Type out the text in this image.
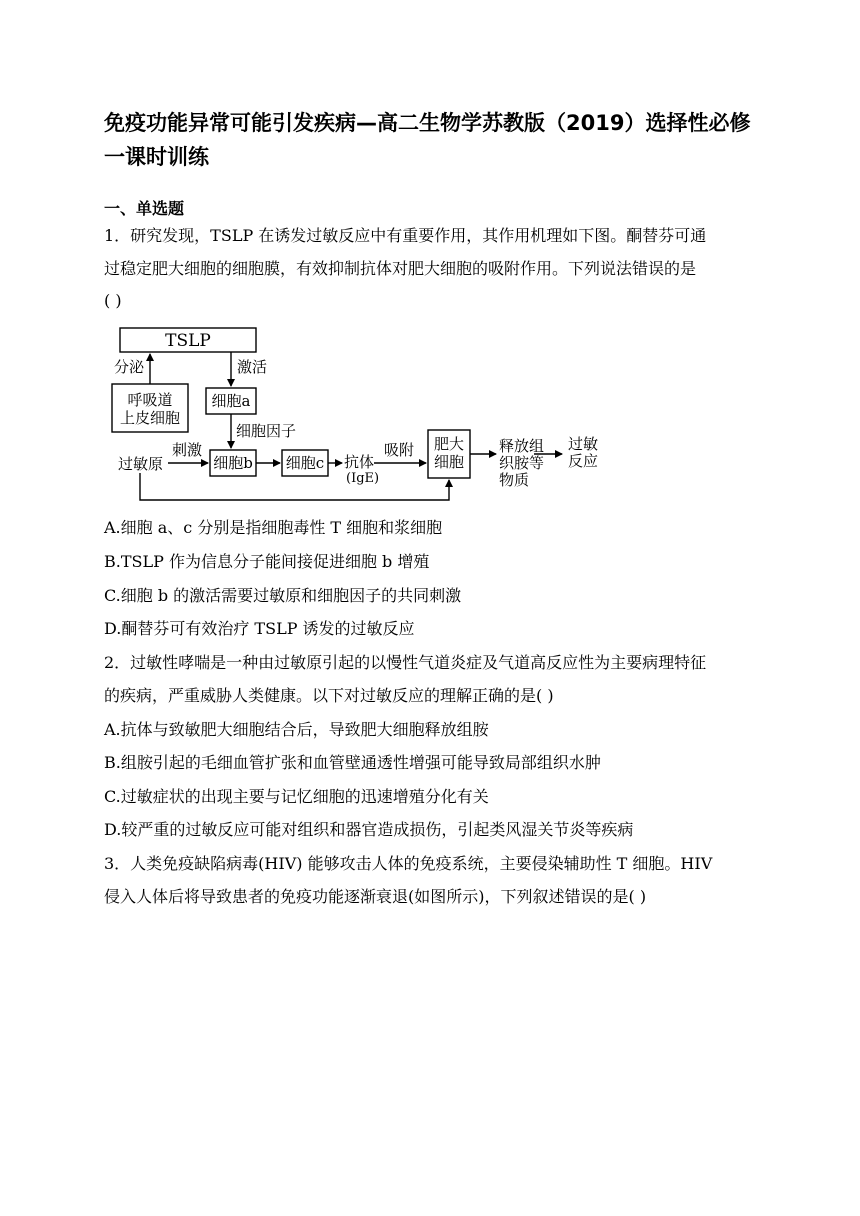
免疫功能异常可能引发疾病—高二生物学苏教版（2019）选择性必修一课时训练
一、单选题

1．研究发现，TSLP 在诱发过敏反应中有重要作用，其作用机理如下图。酮替芬可通

过稳定肥大细胞的细胞膜，有效抑制抗体对肥大细胞的吸附作用。下列说法错误的是

( )

TSLP
分泌	激活
呼吸道
上皮细胞
细胞a
细胞因子
刺激
过敏原	细胞b 细胞c 抗体
(IgE)
吸附 肥大
细胞
释放组
织胺等
物质
过敏
反应

A.细胞 a、c 分别是指细胞毒性 T 细胞和浆细胞

B.TSLP 作为信息分子能间接促进细胞 b 增殖

C.细胞 b 的激活需要过敏原和细胞因子的共同刺激

D.酮替芬可有效治疗 TSLP 诱发的过敏反应

2．过敏性哮喘是一种由过敏原引起的以慢性气道炎症及气道高反应性为主要病理特征

的疾病，严重威胁人类健康。以下对过敏反应的理解正确的是( )

A.抗体与致敏肥大细胞结合后，导致肥大细胞释放组胺

B.组胺引起的毛细血管扩张和血管壁通透性增强可能导致局部组织水肿

C.过敏症状的出现主要与记忆细胞的迅速增殖分化有关

D.较严重的过敏反应可能对组织和器官造成损伤，引起类风湿关节炎等疾病

3．人类免疫缺陷病毒(HIV) 能够攻击人体的免疫系统，主要侵染辅助性 T 细胞。HIV

侵入人体后将导致患者的免疫功能逐渐衰退(如图所示)，下列叙述错误的是( )
